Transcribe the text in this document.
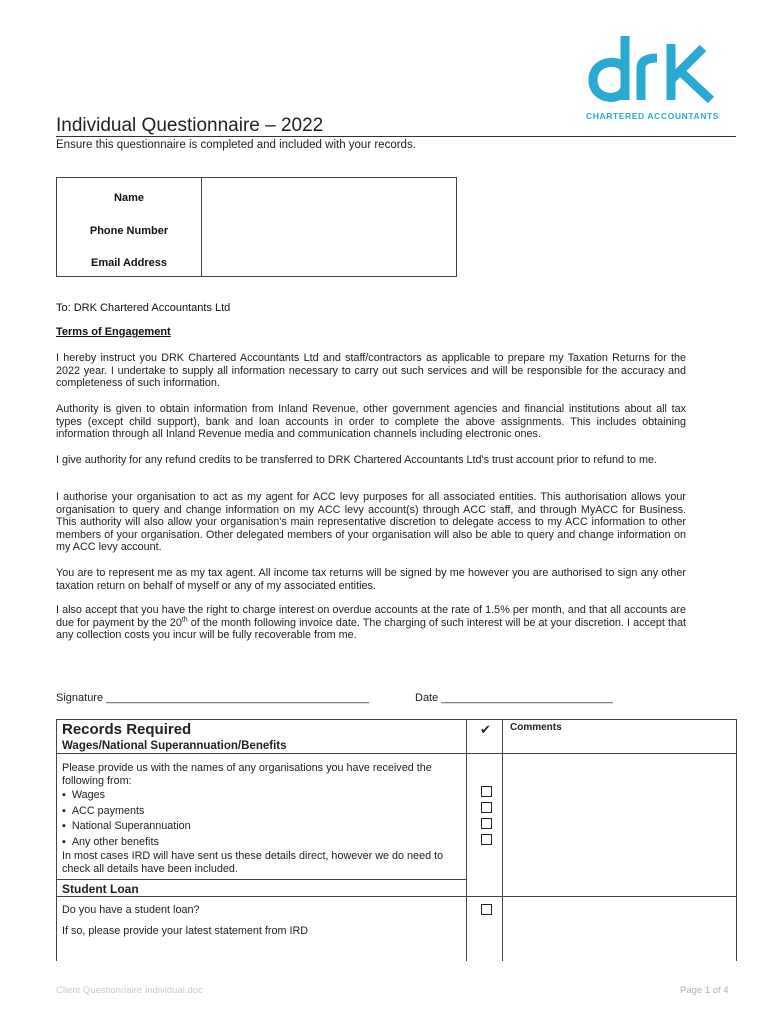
CHARTERED ACCOUNTANTS
Individual Questionnaire – 2022
Ensure this questionnaire is completed and included with your records.
Name
Phone Number
Email Address
To: DRK Chartered Accountants Ltd
Terms of Engagement
I hereby instruct you DRK Chartered Accountants Ltd and staff/contractors as applicable to prepare my Taxation Returns for the 2022 year. I undertake to supply all information necessary to carry out such services and will be responsible for the accuracy and completeness of such information.
Authority is given to obtain information from Inland Revenue, other government agencies and financial institutions about all tax types (except child support), bank and loan accounts in order to complete the above assignments. This includes obtaining information through all Inland Revenue media and communication channels including electronic ones.
I give authority for any refund credits to be transferred to DRK Chartered Accountants Ltd's trust account prior to refund to me.
I authorise your organisation to act as my agent for ACC levy purposes for all associated entities. This authorisation allows your organisation to query and change information on my ACC levy account(s) through ACC staff, and through MyACC for Business. This authority will also allow your organisation's main representative discretion to delegate access to my ACC information to other members of your organisation. Other delegated members of your organisation will also be able to query and change information on my ACC levy account.
You are to represent me as my tax agent. All income tax returns will be signed by me however you are authorised to sign any other taxation return on behalf of myself or any of my associated entities.
I also accept that you have the right to charge interest on overdue accounts at the rate of 1.5% per month, and that all accounts are due for payment by the 20th of the month following invoice date. The charging of such interest will be at your discretion. I accept that any collection costs you incur will be fully recoverable from me.
Signature ___________________________________________	Date ____________________________
Records Required	✔ Comments
Wages/National Superannuation/Benefits
Please provide us with the names of any organisations you have received the following from:
▪  Wages
▪  ACC payments
▪  National Superannuation
▪  Any other benefits
In most cases IRD will have sent us these details direct, however we do need to check all details have been included.
Student Loan
Do you have a student loan?
If so, please provide your latest statement from IRD
Client Questionnaire Individual.doc	Page 1 of 4
